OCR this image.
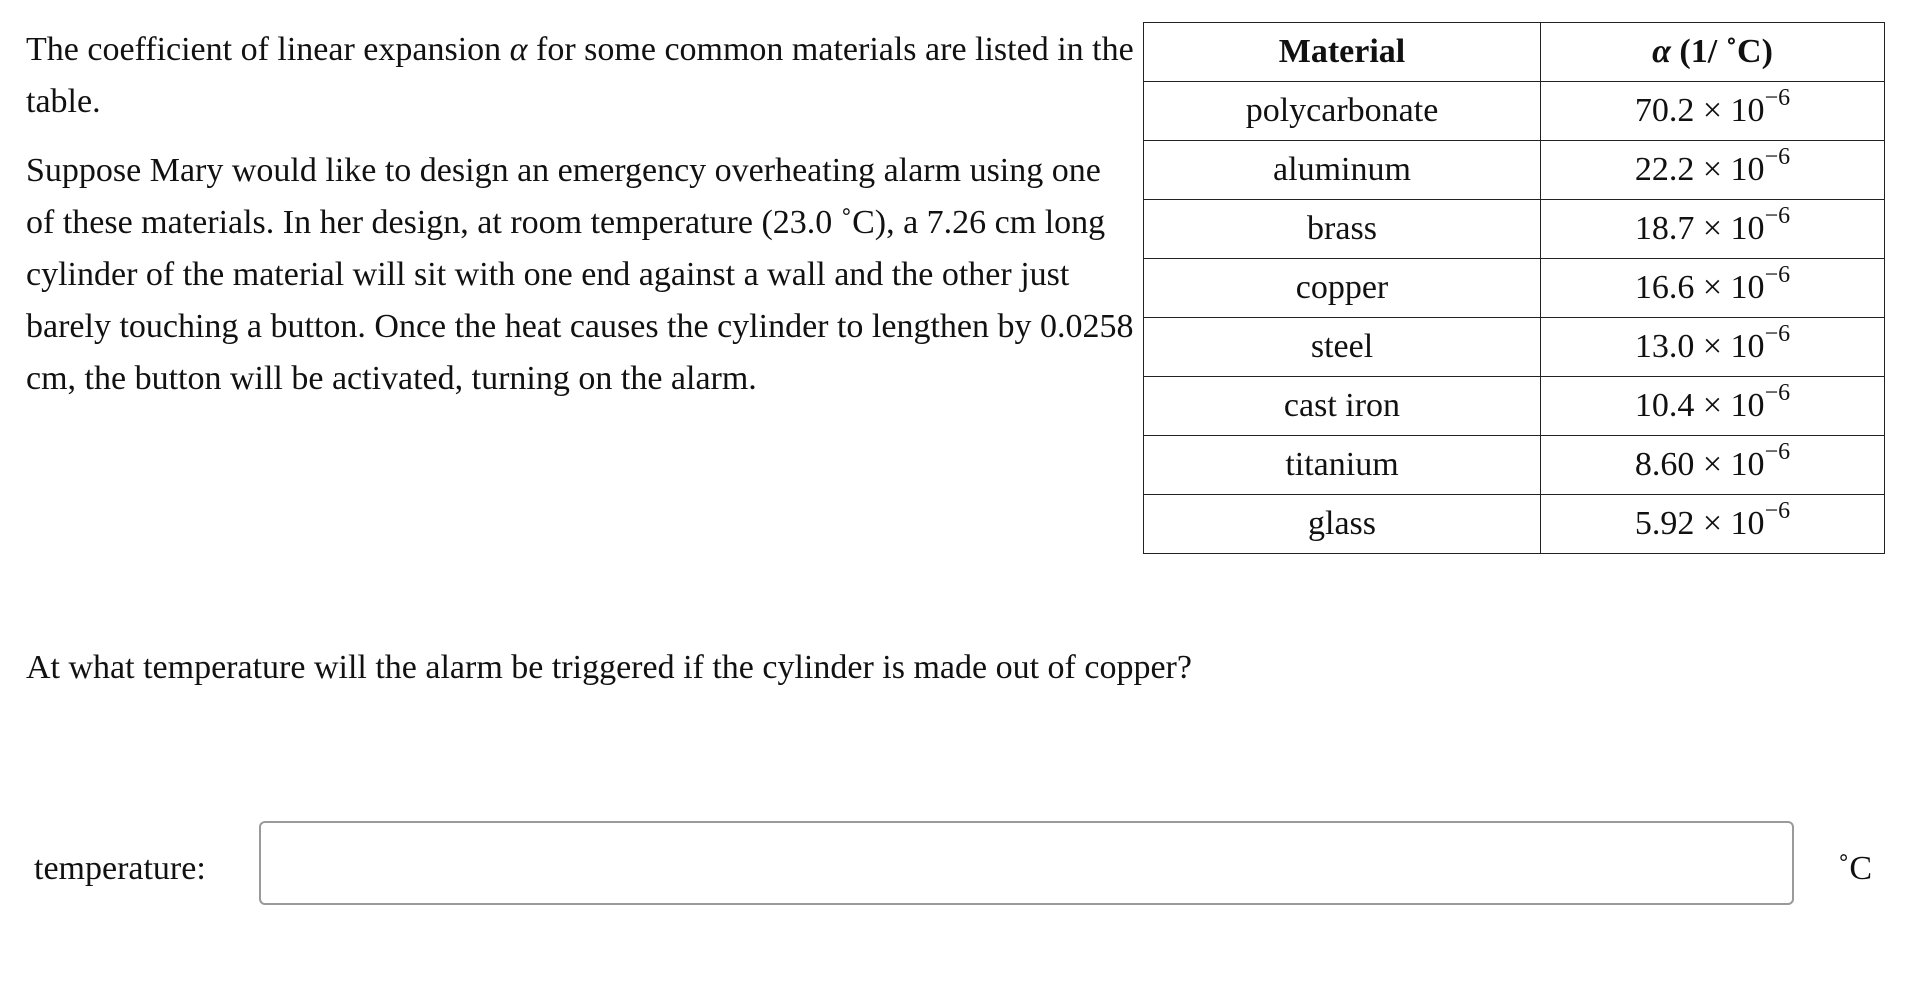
The coefficient of linear expansion α for some common materials are listed in the table.

Suppose Mary would like to design an emergency overheating alarm using one of these materials. In her design, at room temperature (23.0 ˚C), a 7.26 cm long cylinder of the material will sit with one end against a wall and the other just barely touching a button. Once the heat causes the cylinder to lengthen by 0.0258 cm, the button will be activated, turning on the alarm.

Material	α (1/ ˚C)
polycarbonate	$70.2 \times 10^{-6}$
aluminum	$22.2 \times 10^{-6}$
brass	$18.7 \times 10^{-6}$
copper	$16.6 \times 10^{-6}$
steel	$13.0 \times 10^{-6}$
cast iron	$10.4 \times 10^{-6}$
titanium	$8.60 \times 10^{-6}$
glass	$5.92 \times 10^{-6}$

At what temperature will the alarm be triggered if the cylinder is made out of copper?

temperature:	˚C
